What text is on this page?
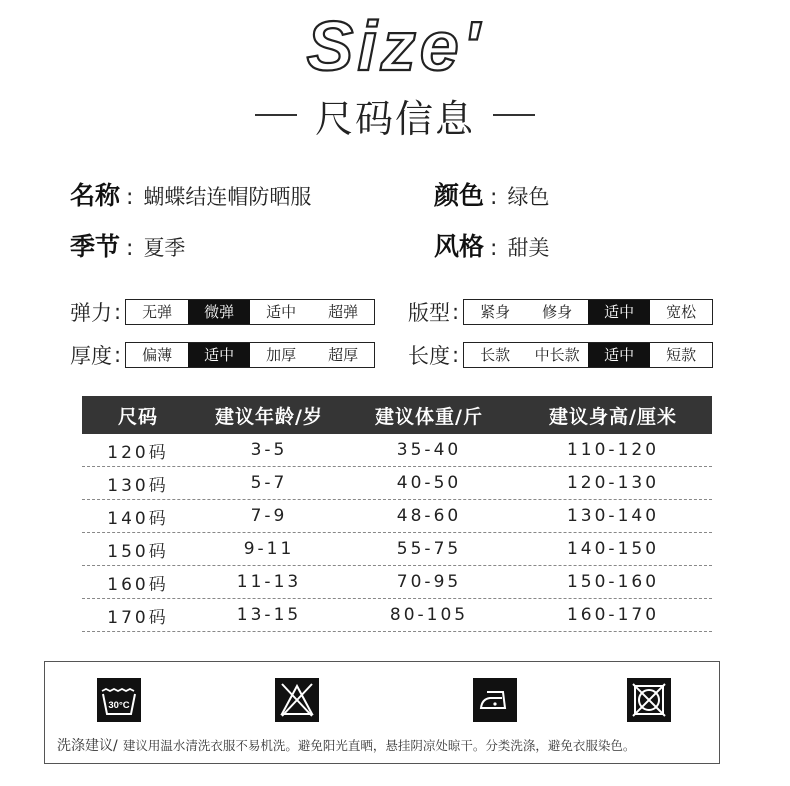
Size'
尺码信息
名称 : 蝴蝶结连帽防晒服	颜色 : 绿色
季节 : 夏季	风格 : 甜美
弹力 :	无弹	微弹	适中	超弹	版型 :	紧身	修身	适中	宽松
厚度 :	偏薄	适中	加厚	超厚	长度 :	长款	中长款	适中	短款
尺码	建议年龄/岁	建议体重/斤	建议身高/厘米
120码	3-5	35-40	110-120
130码	5-7	40-50	120-130
140码	7-9	48-60	130-140
150码	9-11	55-75	140-150
160码	11-13	70-95	150-160
170码	13-15	80-105	160-170
30°C
洗涤建议/ 建议用温水清洗衣服不易机洗。避免阳光直晒，悬挂阴凉处晾干。分类洗涤，避免衣服染色。
